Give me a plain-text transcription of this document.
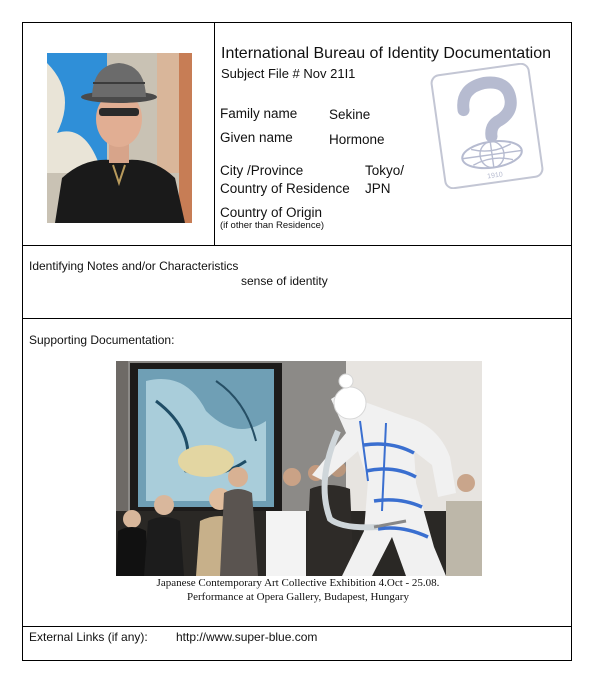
International Bureau of Identity Documentation
Subject File # Nov 21I1
Family name Sekine
Given name	Hormone
City /Province	Tokyo/
Country of Residence JPN
Country of Origin
(if other than Residence)
1910
Identifying Notes and/or Characteristics
sense of identity
Supporting Documentation:
Japanese Contemporary Art Collective Exhibition 4.Oct - 25.08.
Performance at Opera Gallery, Budapest, Hungary
External Links (if any): http://www.super-blue.com
